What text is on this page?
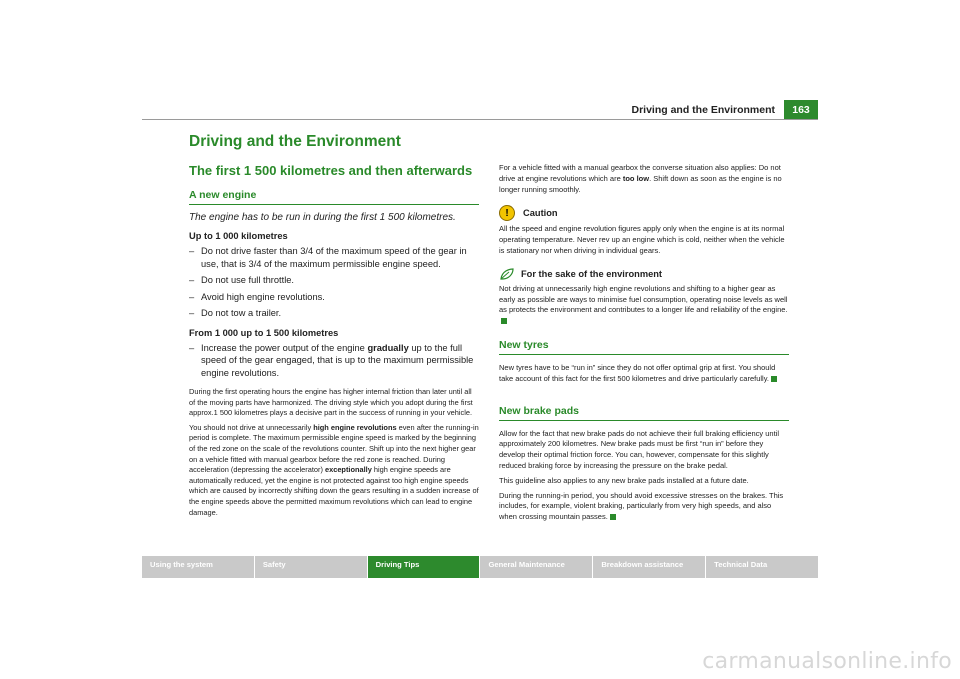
Driving and the Environment	163
Driving and the Environment
The first 1 500 kilometres and then afterwards
A new engine
The engine has to be run in during the first 1 500 kilometres.
Up to 1 000 kilometres
– Do not drive faster than 3/4 of the maximum speed of the gear in use, that is 3/4 of the maximum permissible engine speed.
– Do not use full throttle.
– Avoid high engine revolutions.
– Do not tow a trailer.
From 1 000 up to 1 500 kilometres
– Increase the power output of the engine gradually up to the full speed of the gear engaged, that is up to the maximum permissible engine revolutions.

During the first operating hours the engine has higher internal friction than later until all of the moving parts have harmonized. The driving style which you adopt during the first approx.1 500 kilometres plays a decisive part in the success of running in your vehicle.

You should not drive at unnecessarily high engine revolutions even after the running-in period is complete. The maximum permissible engine speed is marked by the beginning of the red zone on the scale of the revolutions counter. Shift up into the next higher gear on a vehicle fitted with manual gearbox before the red zone is reached. During acceleration (depressing the accelerator) exceptionally high engine speeds are automatically reduced, yet the engine is not protected against too high engine speeds which are caused by incorrectly shifting down the gears resulting in a sudden increase of the engine speeds above the permitted maximum revolutions which can lead to engine damage.

For a vehicle fitted with a manual gearbox the converse situation also applies: Do not drive at engine revolutions which are too low. Shift down as soon as the engine is no longer running smoothly.

!	Caution

All the speed and engine revolution figures apply only when the engine is at its normal operating temperature. Never rev up an engine which is cold, neither when the vehicle is stationary nor when driving in individual gears.

For the sake of the environment

Not driving at unnecessarily high engine revolutions and shifting to a higher gear as early as possible are ways to minimise fuel consumption, operating noise levels as well as protects the environment and contributes to a longer life and reliability of the engine.

New tyres

New tyres have to be “run in” since they do not offer optimal grip at first. You should take account of this fact for the first 500 kilometres and drive particularly carefully.

New brake pads

Allow for the fact that new brake pads do not achieve their full braking efficiency until approximately 200 kilometres. New brake pads must be first “run in” before they develop their optimal friction force. You can, however, compensate for this slightly reduced braking force by increasing the pressure on the brake pedal.

This guideline also applies to any new brake pads installed at a future date.

During the running-in period, you should avoid excessive stresses on the brakes. This includes, for example, violent braking, particularly from very high speeds, and also when crossing mountain passes.

Using the system	Safety	Driving Tips	General Maintenance	Breakdown assistance	Technical Data
carmanualsonline.info
